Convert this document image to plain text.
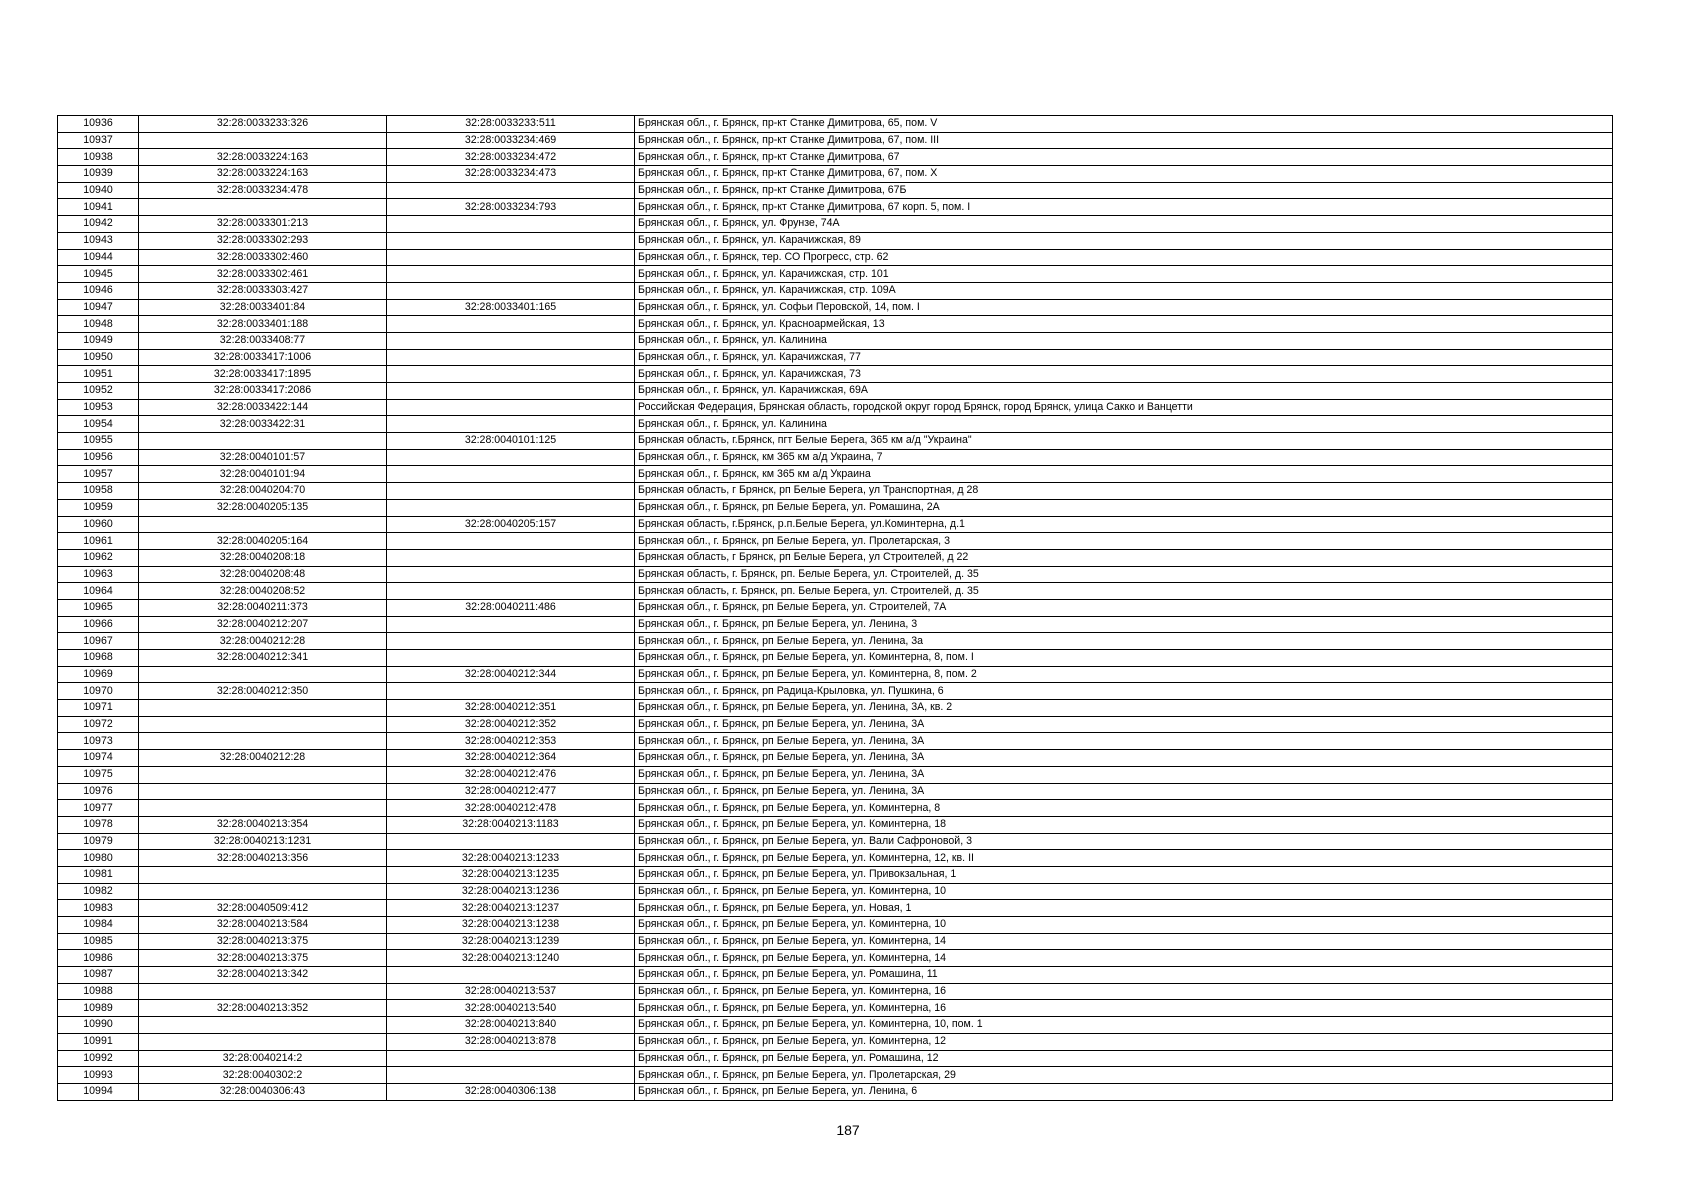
10936	32:28:0033233:326	32:28:0033233:511	Брянская обл., г. Брянск, пр-кт Станке Димитрова, 65, пом. V
10937		32:28:0033234:469	Брянская обл., г. Брянск, пр-кт Станке Димитрова, 67, пом. III
10938	32:28:0033224:163	32:28:0033234:472	Брянская обл., г. Брянск, пр-кт Станке Димитрова, 67
10939	32:28:0033224:163	32:28:0033234:473	Брянская обл., г. Брянск, пр-кт Станке Димитрова, 67, пом. X
10940	32:28:0033234:478		Брянская обл., г. Брянск, пр-кт Станке Димитрова, 67Б
10941		32:28:0033234:793	Брянская обл., г. Брянск, пр-кт Станке Димитрова, 67 корп. 5, пом. I
10942	32:28:0033301:213		Брянская обл., г. Брянск, ул. Фрунзе, 74А
10943	32:28:0033302:293		Брянская обл., г. Брянск, ул. Карачижская, 89
10944	32:28:0033302:460		Брянская обл., г. Брянск, тер. СО Прогресс, стр. 62
10945	32:28:0033302:461		Брянская обл., г. Брянск, ул. Карачижская, стр. 101
10946	32:28:0033303:427		Брянская обл., г. Брянск, ул. Карачижская, стр. 109А
10947	32:28:0033401:84	32:28:0033401:165	Брянская обл., г. Брянск, ул. Софьи Перовской, 14, пом. I
10948	32:28:0033401:188		Брянская обл., г. Брянск, ул. Красноармейская, 13
10949	32:28:0033408:77		Брянская обл., г. Брянск, ул. Калинина
10950	32:28:0033417:1006		Брянская обл., г. Брянск, ул. Карачижская, 77
10951	32:28:0033417:1895		Брянская обл., г. Брянск, ул. Карачижская, 73
10952	32:28:0033417:2086		Брянская обл., г. Брянск, ул. Карачижская, 69А
10953	32:28:0033422:144		Российская Федерация, Брянская область, городской округ город Брянск, город Брянск, улица Сакко и Ванцетти
10954	32:28:0033422:31		Брянская обл., г. Брянск, ул. Калинина
10955		32:28:0040101:125	Брянская область, г.Брянск, пгт Белые Берега, 365 км а/д "Украина"
10956	32:28:0040101:57		Брянская обл., г. Брянск, км 365 км а/д Украина, 7
10957	32:28:0040101:94		Брянская обл., г. Брянск, км 365 км а/д Украина
10958	32:28:0040204:70		Брянская область, г Брянск, рп Белые Берега, ул Транспортная, д 28
10959	32:28:0040205:135		Брянская обл., г. Брянск, рп Белые Берега, ул. Ромашина, 2А
10960		32:28:0040205:157	Брянская область, г.Брянск, р.п.Белые Берега, ул.Коминтерна, д.1
10961	32:28:0040205:164		Брянская обл., г. Брянск, рп Белые Берега, ул. Пролетарская, 3
10962	32:28:0040208:18		Брянская область, г Брянск, рп Белые Берега, ул Строителей, д 22
10963	32:28:0040208:48		Брянская область, г. Брянск, рп. Белые Берега, ул. Строителей, д. 35
10964	32:28:0040208:52		Брянская область, г. Брянск, рп. Белые Берега, ул. Строителей, д. 35
10965	32:28:0040211:373	32:28:0040211:486	Брянская обл., г. Брянск, рп Белые Берега, ул. Строителей, 7А
10966	32:28:0040212:207		Брянская обл., г. Брянск, рп Белые Берега, ул. Ленина, 3
10967	32:28:0040212:28		Брянская обл., г. Брянск, рп Белые Берега, ул. Ленина, 3а
10968	32:28:0040212:341		Брянская обл., г. Брянск, рп Белые Берега, ул. Коминтерна, 8, пом. I
10969		32:28:0040212:344	Брянская обл., г. Брянск, рп Белые Берега, ул. Коминтерна, 8, пом. 2
10970	32:28:0040212:350		Брянская обл., г. Брянск, рп Радица-Крыловка, ул. Пушкина, 6
10971		32:28:0040212:351	Брянская обл., г. Брянск, рп Белые Берега, ул. Ленина, 3А, кв. 2
10972		32:28:0040212:352	Брянская обл., г. Брянск, рп Белые Берега, ул. Ленина, 3А
10973		32:28:0040212:353	Брянская обл., г. Брянск, рп Белые Берега, ул. Ленина, 3А
10974	32:28:0040212:28	32:28:0040212:364	Брянская обл., г. Брянск, рп Белые Берега, ул. Ленина, 3А
10975		32:28:0040212:476	Брянская обл., г. Брянск, рп Белые Берега, ул. Ленина, 3А
10976		32:28:0040212:477	Брянская обл., г. Брянск, рп Белые Берега, ул. Ленина, 3А
10977		32:28:0040212:478	Брянская обл., г. Брянск, рп Белые Берега, ул. Коминтерна, 8
10978	32:28:0040213:354	32:28:0040213:1183	Брянская обл., г. Брянск, рп Белые Берега, ул. Коминтерна, 18
10979	32:28:0040213:1231		Брянская обл., г. Брянск, рп Белые Берега, ул. Вали Сафроновой, 3
10980	32:28:0040213:356	32:28:0040213:1233	Брянская обл., г. Брянск, рп Белые Берега, ул. Коминтерна, 12, кв. II
10981		32:28:0040213:1235	Брянская обл., г. Брянск, рп Белые Берега, ул. Привокзальная, 1
10982		32:28:0040213:1236	Брянская обл., г. Брянск, рп Белые Берега, ул. Коминтерна, 10
10983	32:28:0040509:412	32:28:0040213:1237	Брянская обл., г. Брянск, рп Белые Берега, ул. Новая, 1
10984	32:28:0040213:584	32:28:0040213:1238	Брянская обл., г. Брянск, рп Белые Берега, ул. Коминтерна, 10
10985	32:28:0040213:375	32:28:0040213:1239	Брянская обл., г. Брянск, рп Белые Берега, ул. Коминтерна, 14
10986	32:28:0040213:375	32:28:0040213:1240	Брянская обл., г. Брянск, рп Белые Берега, ул. Коминтерна, 14
10987	32:28:0040213:342		Брянская обл., г. Брянск, рп Белые Берега, ул. Ромашина, 11
10988		32:28:0040213:537	Брянская обл., г. Брянск, рп Белые Берега, ул. Коминтерна, 16
10989	32:28:0040213:352	32:28:0040213:540	Брянская обл., г. Брянск, рп Белые Берега, ул. Коминтерна, 16
10990		32:28:0040213:840	Брянская обл., г. Брянск, рп Белые Берега, ул. Коминтерна, 10, пом. 1
10991		32:28:0040213:878	Брянская обл., г. Брянск, рп Белые Берега, ул. Коминтерна, 12
10992	32:28:0040214:2		Брянская обл., г. Брянск, рп Белые Берега, ул. Ромашина, 12
10993	32:28:0040302:2		Брянская обл., г. Брянск, рп Белые Берега, ул. Пролетарская, 29
10994	32:28:0040306:43	32:28:0040306:138	Брянская обл., г. Брянск, рп Белые Берега, ул. Ленина, 6
187
